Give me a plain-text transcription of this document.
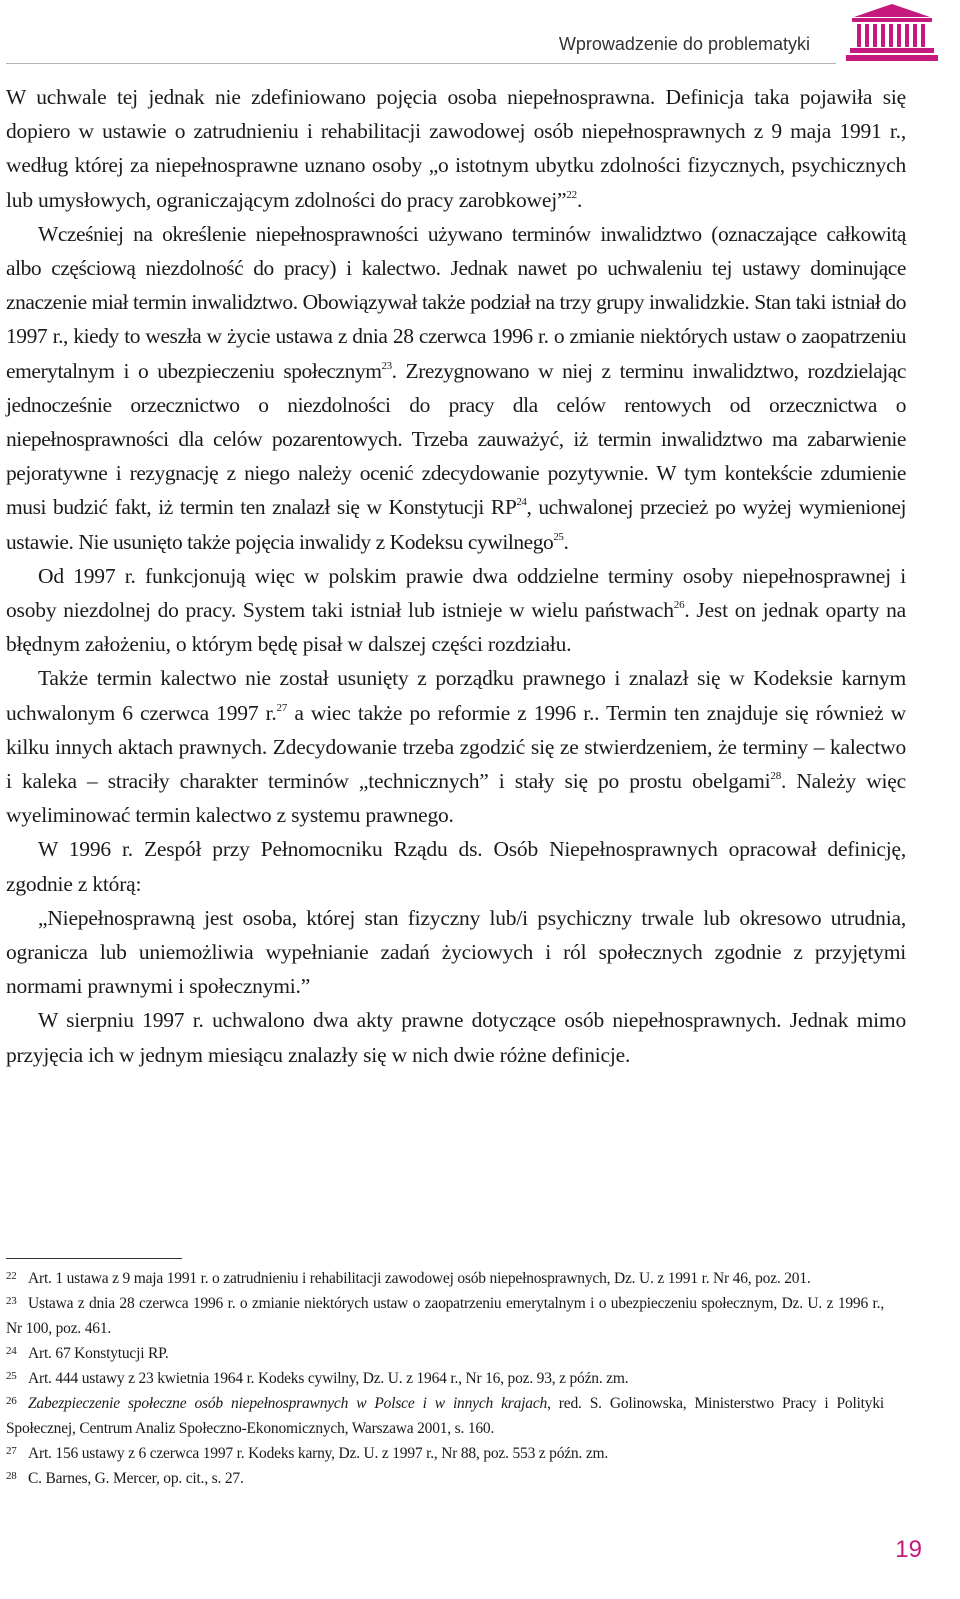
Wprowadzenie do problematyki

W uchwale tej jednak nie zdefiniowano pojęcia osoba niepełnosprawna. Definicja taka pojawiła się dopiero w ustawie o zatrudnieniu i rehabilitacji zawodowej osób niepełnosprawnych z 9 maja 1991 r., według której za niepełnosprawne uznano osoby „o istotnym ubytku zdolności fizycznych, psychicznych lub umysłowych, ograniczającym zdolności do pracy zarobkowej”$^{22}$.

Wcześniej na określenie niepełnosprawności używano terminów inwalidztwo (oznaczające całkowitą albo częściową niezdolność do pracy) i kalectwo. Jednak nawet po uchwaleniu tej ustawy dominujące znaczenie miał termin inwalidztwo. Obowiązywał także podział na trzy grupy inwalidzkie. Stan taki istniał do 1997 r., kiedy to weszła w życie ustawa z dnia 28 czerwca 1996 r. o zmianie niektórych ustaw o zaopatrzeniu emerytalnym i o ubezpieczeniu społecznym$^{23}$. Zrezygnowano w niej z terminu inwalidztwo, rozdzielając jednocześnie orzecznictwo o niezdolności do pracy dla celów rentowych od orzecznictwa o niepełnosprawności dla celów pozarentowych. Trzeba zauważyć, iż termin inwalidztwo ma zabarwienie pejoratywne i rezygnację z niego należy ocenić zdecydowanie pozytywnie. W tym kontekście zdumienie musi budzić fakt, iż termin ten znalazł się w Konstytucji RP$^{24}$, uchwalonej przecież po wyżej wymienionej ustawie. Nie usunięto także pojęcia inwalidy z Kodeksu cywilnego$^{25}$.

Od 1997 r. funkcjonują więc w polskim prawie dwa oddzielne terminy osoby niepełnosprawnej i osoby niezdolnej do pracy. System taki istniał lub istnieje w wielu państwach$^{26}$. Jest on jednak oparty na błędnym założeniu, o którym będę pisał w dalszej części rozdziału.

Także termin kalectwo nie został usunięty z porządku prawnego i znalazł się w Kodeksie karnym uchwalonym 6 czerwca 1997 r.$^{27}$ a wiec także po reformie z 1996 r.. Termin ten znajduje się również w kilku innych aktach prawnych. Zdecydowanie trzeba zgodzić się ze stwierdzeniem, że terminy – kalectwo i kaleka – straciły charakter terminów „technicznych” i stały się po prostu obelgami$^{28}$. Należy więc wyeliminować termin kalectwo z systemu prawnego.

W 1996 r. Zespół przy Pełnomocniku Rządu ds. Osób Niepełnosprawnych opracował definicję, zgodnie z którą:

„Niepełnosprawną jest osoba, której stan fizyczny lub/i psychiczny trwale lub okresowo utrudnia, ogranicza lub uniemożliwia wypełnianie zadań życiowych i ról społecznych zgodnie z przyjętymi normami prawnymi i społecznymi.”

W sierpniu 1997 r. uchwalono dwa akty prawne dotyczące osób niepełnosprawnych. Jednak mimo przyjęcia ich w jednym miesiącu znalazły się w nich dwie różne definicje.

22 Art. 1 ustawa z 9 maja 1991 r. o zatrudnieniu i rehabilitacji zawodowej osób niepełnosprawnych, Dz. U. z 1991 r. Nr 46, poz. 201.

23 Ustawa z dnia 28 czerwca 1996 r. o zmianie niektórych ustaw o zaopatrzeniu emerytalnym i o ubezpieczeniu społecznym, Dz. U. z 1996 r., Nr 100, poz. 461.

24 Art. 67 Konstytucji RP.

25 Art. 444 ustawy z 23 kwietnia 1964 r. Kodeks cywilny, Dz. U. z 1964 r., Nr 16, poz. 93, z późn. zm.

26 Zabezpieczenie społeczne osób niepełnosprawnych w Polsce i w innych krajach, red. S. Golinowska, Ministerstwo Pracy i Polityki Społecznej, Centrum Analiz Społeczno-Ekonomicznych, Warszawa 2001, s. 160.

27 Art. 156 ustawy z 6 czerwca 1997 r. Kodeks karny, Dz. U. z 1997 r., Nr 88, poz. 553 z późn. zm.

28 C. Barnes, G. Mercer, op. cit., s. 27.

19
